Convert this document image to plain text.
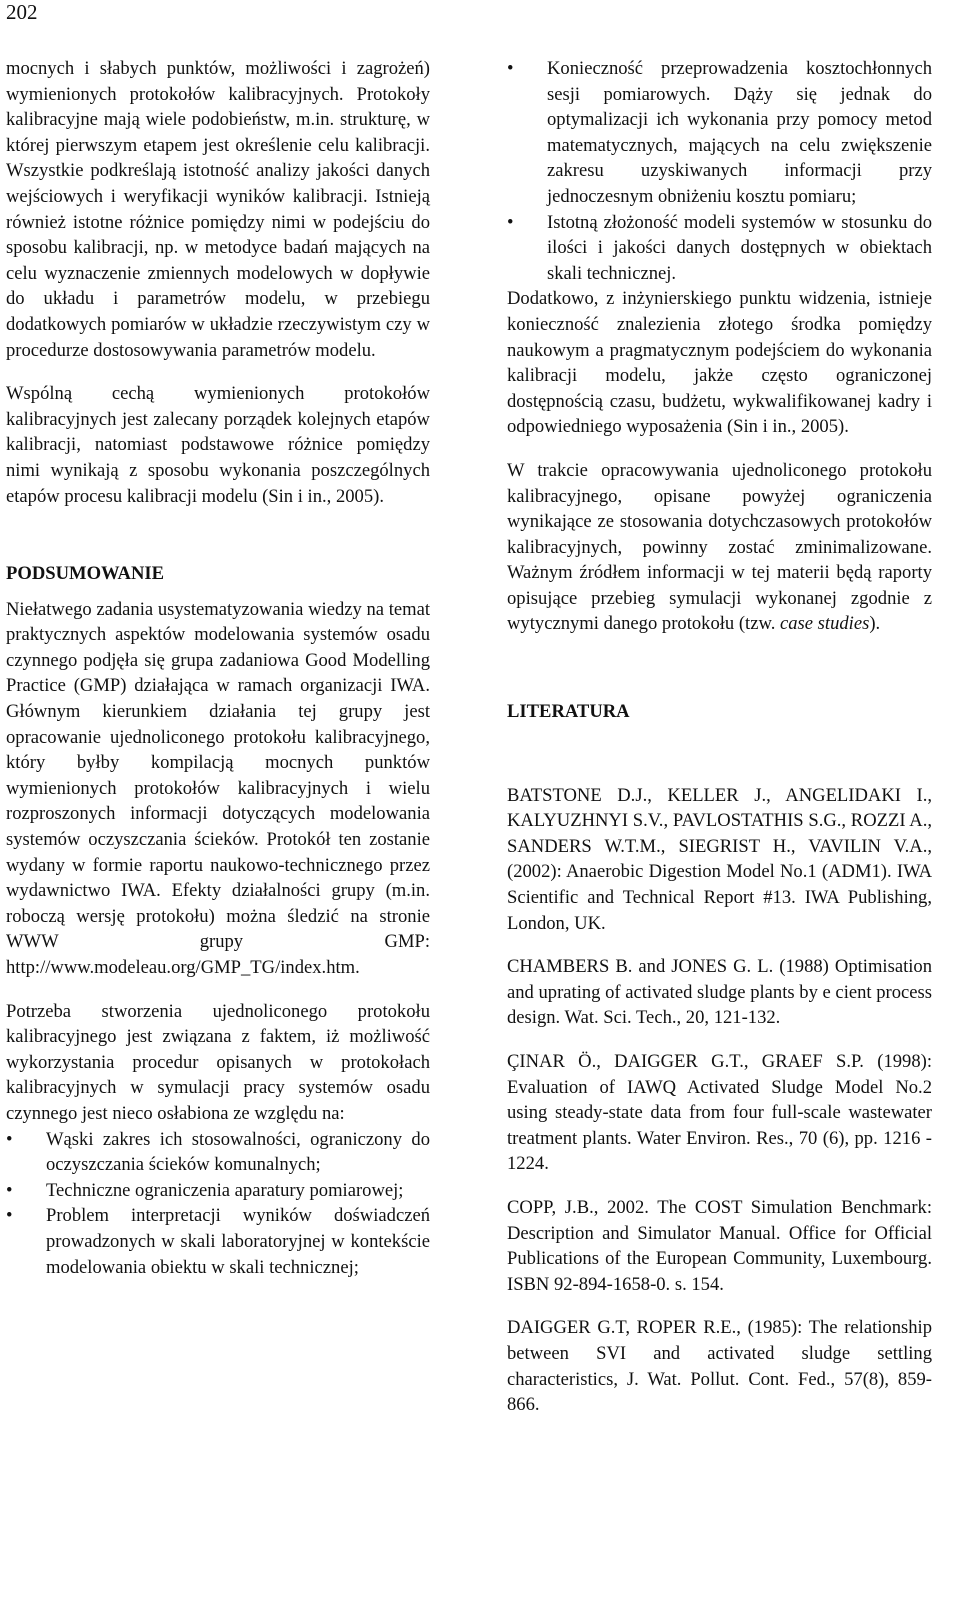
202

mocnych i słabych punktów, możliwości i zagrożeń) wymienionych protokołów kalibracyjnych. Protokoły kalibracyjne mają wiele podobieństw, m.in. strukturę, w której pierwszym etapem jest określenie celu kalibracji. Wszystkie podkreślają istotność analizy jakości danych wejściowych i weryfikacji wyników kalibracji. Istnieją również istotne różnice pomiędzy nimi w podejściu do sposobu kalibracji, np. w metodyce badań mających na celu wyznaczenie zmiennych modelowych w dopływie do układu i parametrów modelu, w przebiegu dodatkowych pomiarów w układzie rzeczywistym czy w procedurze dostosowywania parametrów modelu.

Wspólną cechą wymienionych protokołów kalibracyjnych jest zalecany porządek kolejnych etapów kalibracji, natomiast podstawowe różnice pomiędzy nimi wynikają z sposobu wykonania poszczególnych etapów procesu kalibracji modelu (Sin i in., 2005).

PODSUMOWANIE

Niełatwego zadania usystematyzowania wiedzy na temat praktycznych aspektów modelowania systemów osadu czynnego podjęła się grupa zadaniowa Good Modelling Practice (GMP) działająca w ramach organizacji IWA. Głównym kierunkiem działania tej grupy jest opracowanie ujednoliconego protokołu kalibracyjnego, który byłby kompilacją mocnych punktów wymienionych protokołów kalibracyjnych i wielu rozproszonych informacji dotyczących modelowania systemów oczyszczania ścieków. Protokół ten zostanie wydany w formie raportu naukowo-technicznego przez wydawnictwo IWA. Efekty działalności grupy (m.in. roboczą wersję protokołu) można śledzić na stronie WWW grupy GMP: http://www.modeleau.org/GMP_TG/index.htm.

Potrzeba stworzenia ujednoliconego protokołu kalibracyjnego jest związana z faktem, iż możliwość wykorzystania procedur opisanych w protokołach kalibracyjnych w symulacji pracy systemów osadu czynnego jest nieco osłabiona ze względu na:

• Wąski zakres ich stosowalności, ograniczony do oczyszczania ścieków komunalnych;
• Techniczne ograniczenia aparatury pomiarowej;
• Problem interpretacji wyników doświadczeń prowadzonych w skali laboratoryjnej w kontekście modelowania obiektu w skali technicznej;
• Konieczność przeprowadzenia kosztochłonnych sesji pomiarowych. Dąży się jednak do optymalizacji ich wykonania przy pomocy metod matematycznych, mających na celu zwiększenie zakresu uzyskiwanych informacji przy jednoczesnym obniżeniu kosztu pomiaru;
• Istotną złożoność modeli systemów w stosunku do ilości i jakości danych dostępnych w obiektach skali technicznej.

Dodatkowo, z inżynierskiego punktu widzenia, istnieje konieczność znalezienia złotego środka pomiędzy naukowym a pragmatycznym podejściem do wykonania kalibracji modelu, jakże często ograniczonej dostępnością czasu, budżetu, wykwalifikowanej kadry i odpowiedniego wyposażenia (Sin i in., 2005).

W trakcie opracowywania ujednoliconego protokołu kalibracyjnego, opisane powyżej ograniczenia wynikające ze stosowania dotychczasowych protokołów kalibracyjnych, powinny zostać zminimalizowane. Ważnym źródłem informacji w tej materii będą raporty opisujące przebieg symulacji wykonanej zgodnie z wytycznymi danego protokołu (tzw. case studies).

LITERATURA

BATSTONE D.J., KELLER J., ANGELIDAKI I., KALYUZHNYI S.V., PAVLOSTATHIS S.G., ROZZI A., SANDERS W.T.M., SIEGRIST H., VAVILIN V.A., (2002): Anaerobic Digestion Model No.1 (ADM1). IWA Scientific and Technical Report #13. IWA Publishing, London, UK.

CHAMBERS B. and JONES G. L. (1988) Optimisation and uprating of activated sludge plants by e cient process design. Wat. Sci. Tech., 20, 121-132.

ÇINAR Ö., DAIGGER G.T., GRAEF S.P. (1998): Evaluation of IAWQ Activated Sludge Model No.2 using steady-state data from four full-scale wastewater treatment plants. Water Environ. Res., 70 (6), pp. 1216 - 1224.

COPP, J.B., 2002. The COST Simulation Benchmark: Description and Simulator Manual. Office for Official Publications of the European Community, Luxembourg. ISBN 92-894-1658-0. s. 154.

DAIGGER G.T, ROPER R.E., (1985): The relationship between SVI and activated sludge settling characteristics, J. Wat. Pollut. Cont. Fed., 57(8), 859-866.
